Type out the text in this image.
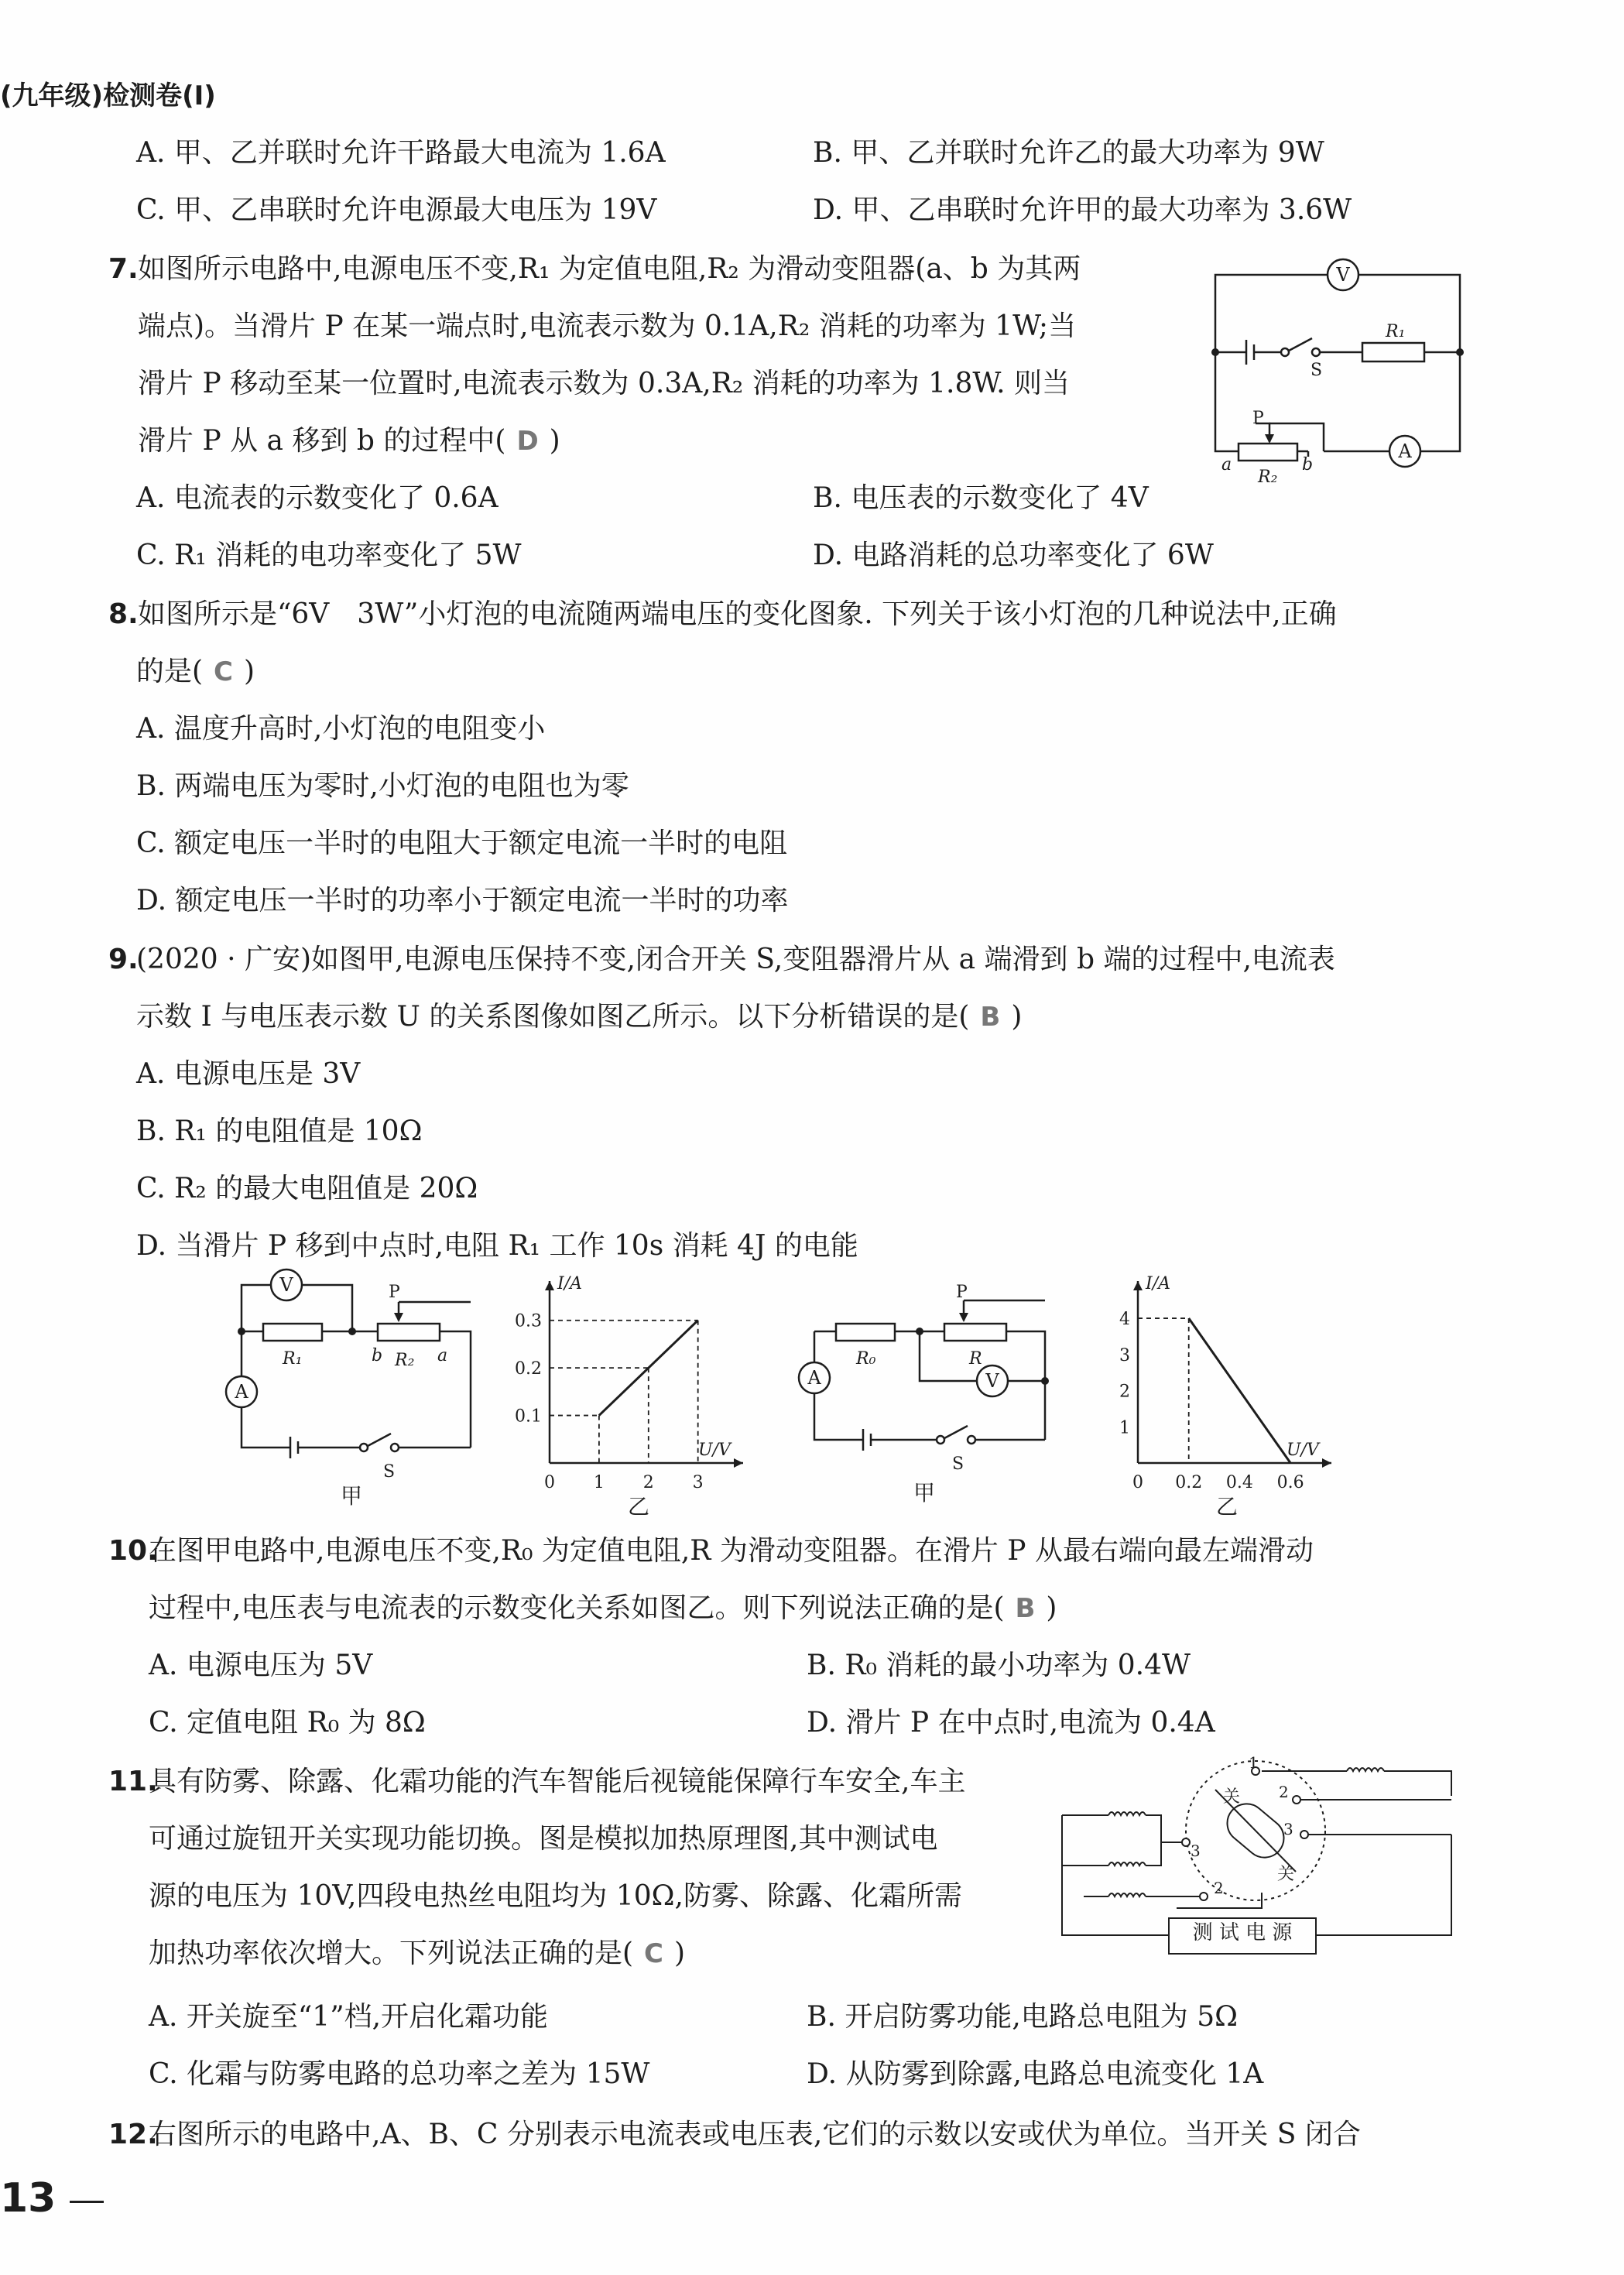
(九年级)检测卷(Ⅰ)
A. 甲、乙并联时允许干路最大电流为 1.6A	B. 甲、乙并联时允许乙的最大功率为 9W
C. 甲、乙串联时允许电源最大电压为 19V	D. 甲、乙串联时允许甲的最大功率为 3.6W
7. 如图所示电路中,电源电压不变,R₁ 为定值电阻,R₂ 为滑动变阻器(a、b 为其两
端点)。当滑片 P 在某一端点时,电流表示数为 0.1A,R₂ 消耗的功率为 1W;当
滑片 P 移动至某一位置时,电流表示数为 0.3A,R₂ 消耗的功率为 1.8W. 则当
滑片 P 从 a 移到 b 的过程中( D )
A. 电流表的示数变化了 0.6A	B. 电压表的示数变化了 4V
C. R₁ 消耗的电功率变化了 5W	D. 电路消耗的总功率变化了 6W
V
S
R₁
P
A
a
R₂
b
8. 如图所示是“6V　3W”小灯泡的电流随两端电压的变化图象. 下列关于该小灯泡的几种说法中,正确
的是( C )
A. 温度升高时,小灯泡的电阻变小
B. 两端电压为零时,小灯泡的电阻也为零
C. 额定电压一半时的电阻大于额定电流一半时的电阻
D. 额定电压一半时的功率小于额定电流一半时的功率
9.
(2020 · 广安)如图甲,电源电压保持不变,闭合开关 S,变阻器滑片从 a 端滑到 b 端的过程中,电流表
示数 I 与电压表示数 U 的关系图像如图乙所示。以下分析错误的是( B )
A. 电源电压是 3V
B. R₁ 的电阻值是 10Ω
C. R₂ 的最大电阻值是 20Ω
D. 当滑片 P 移到中点时,电阻 R₁ 工作 10s 消耗 4J 的电能
V	P
R₁	b R₂ a
A
S
甲
I/A
U/V
0 1 2 3
0.1
0.2
0.3
乙
P
R₀	R
V
A
S
甲
I/A
U/V
0 0.2 0.4 0.6
1
2
3
4
乙
10.
在图甲电路中,电源电压不变,R₀ 为定值电阻,R 为滑动变阻器。在滑片 P 从最右端向最左端滑动
过程中,电压表与电流表的示数变化关系如图乙。则下列说法正确的是( B )
A. 电源电压为 5V	B. R₀ 消耗的最小功率为 0.4W
C. 定值电阻 R₀ 为 8Ω	D. 滑片 P 在中点时,电流为 0.4A
11.
具有防雾、除露、化霜功能的汽车智能后视镜能保障行车安全,车主
可通过旋钮开关实现功能切换。图是模拟加热原理图,其中测试电
源的电压为 10V,四段电热丝电阻均为 10Ω,防雾、除露、化霜所需
加热功率依次增大。下列说法正确的是( C )
A. 开关旋至“1”档,开启化霜功能	B. 开启防雾功能,电路总电阻为 5Ω
C. 化霜与防雾电路的总功率之差为 15W	D. 从防雾到除露,电路总电流变化 1A
测 试 电 源
关
关
1
2
3
3
2
12.
右图所示的电路中,A、B、C 分别表示电流表或电压表,它们的示数以安或伏为单位。当开关 S 闭合
13
